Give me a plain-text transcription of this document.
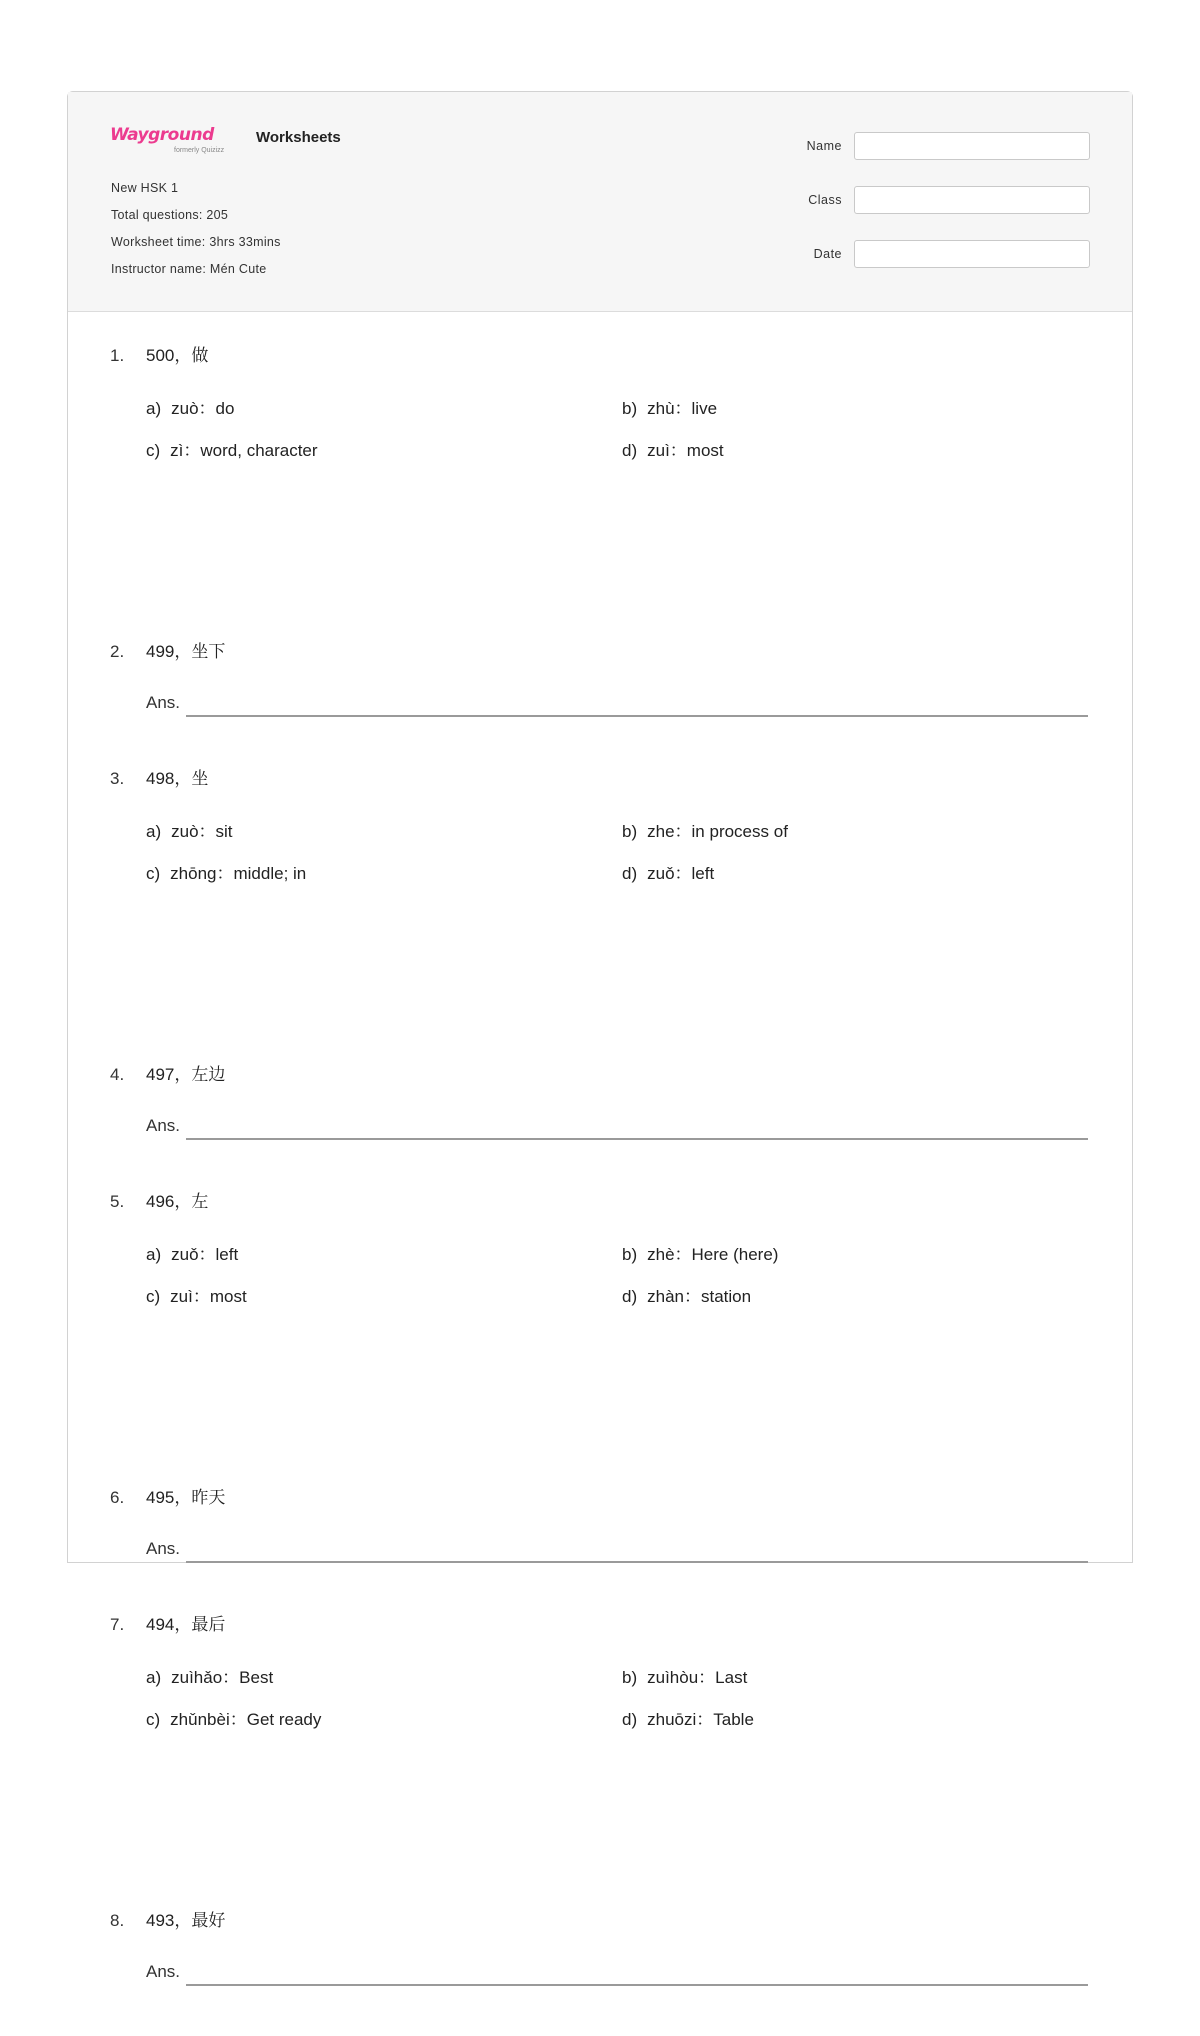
Wayground
formerly Quizizz
Worksheets
New HSK 1
Total questions: 205
Worksheet time: 3hrs 33mins
Instructor name: Mén Cute
Name
Class
Date
1.	500，做
a) zuò：do	b) zhù：live
c) zì：word, character	d) zuì：most
2.	499，坐下
Ans.
3.	498，坐
a) zuò：sit	b) zhe：in process of
c) zhōng：middle; in	d) zuǒ：left
4.	497，左边
Ans.
5.	496，左
a) zuǒ：left	b) zhè：Here (here)
c) zuì：most	d) zhàn：station
6.	495，昨天
Ans.
7.	494，最后
a) zuìhǎo：Best	b) zuìhòu：Last
c) zhǔnbèi：Get ready	d) zhuōzi：Table
8.	493，最好
Ans.
